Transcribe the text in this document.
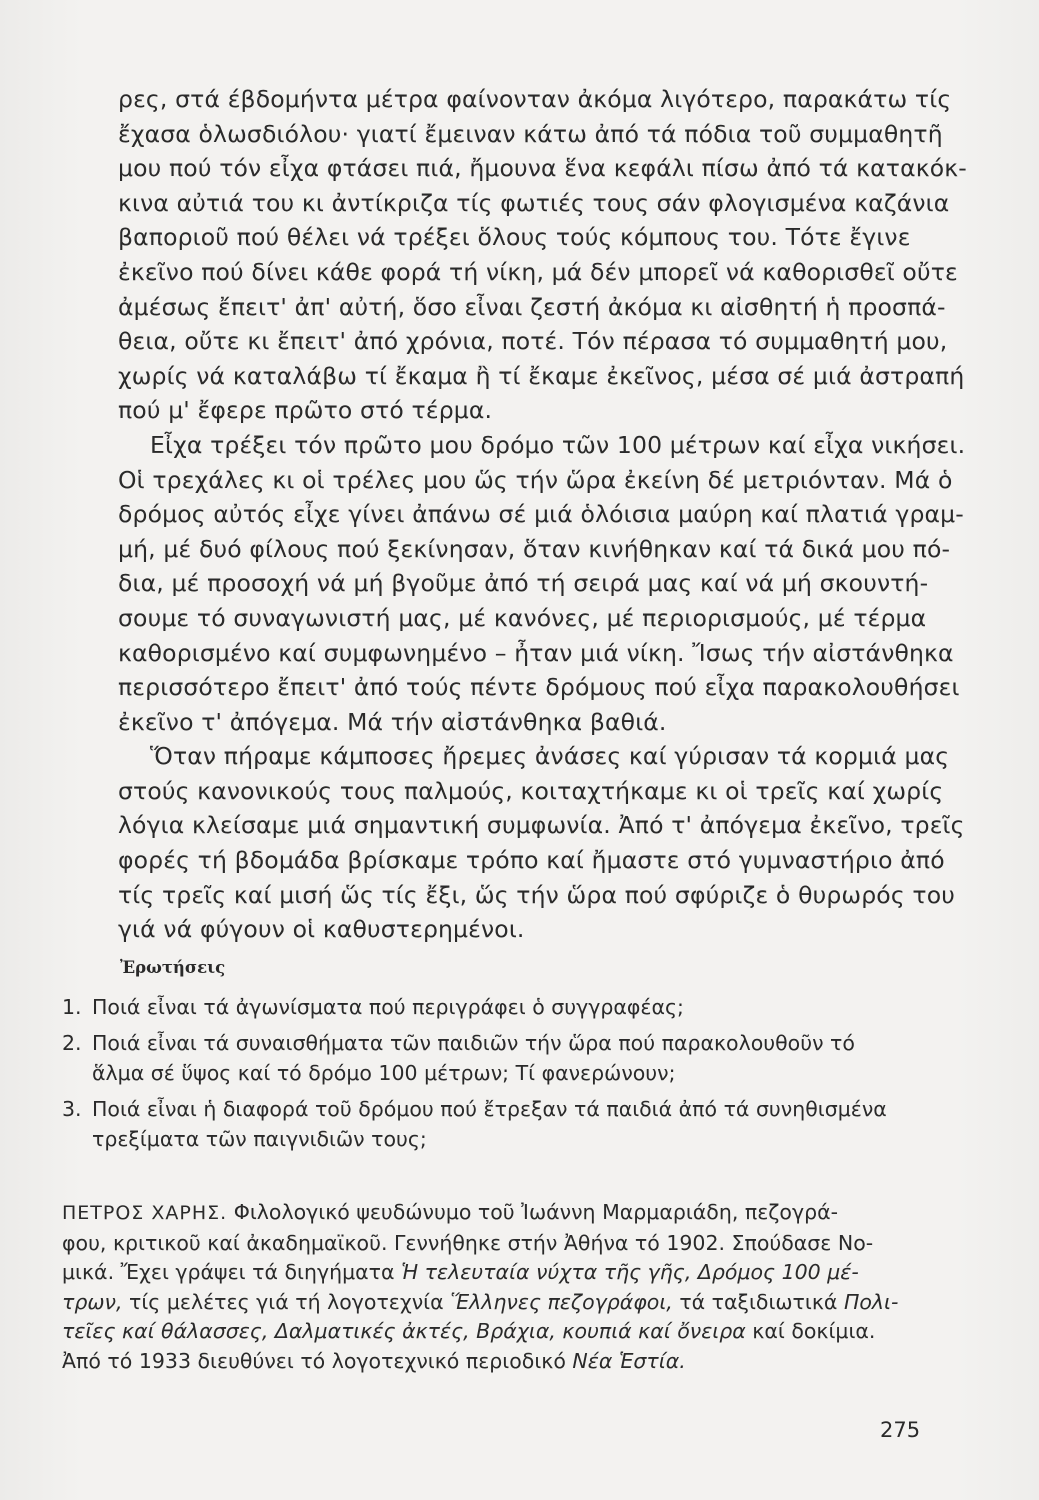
ρες, στά έβδομήντα μέτρα φαίνονταν ἀκόμα λιγότερο, παρακάτω τίς
ἔχασα ὁλωσδιόλου· γιατί ἔμειναν κάτω ἀπό τά πόδια τοῦ συμμαθητῆ
μου πού τόν εἶχα φτάσει πιά, ἤμουνα ἕνα κεφάλι πίσω ἀπό τά κατακόκ-
κινα αὐτιά του κι ἀντίκριζα τίς φωτιές τους σάν φλογισμένα καζάνια
βαποριοῦ πού θέλει νά τρέξει ὅλους τούς κόμπους του. Τότε ἔγινε
ἐκεῖνο πού δίνει κάθε φορά τή νίκη, μά δέν μπορεῖ νά καθορισθεῖ οὔτε
ἀμέσως ἔπειτ' ἀπ' αὐτή, ὅσο εἶναι ζεστή ἀκόμα κι αἰσθητή ἡ προσπά-
θεια, οὔτε κι ἔπειτ' ἀπό χρόνια, ποτέ. Τόν πέρασα τό συμμαθητή μου,
χωρίς νά καταλάβω τί ἔκαμα ἢ τί ἔκαμε ἐκεῖνος, μέσα σέ μιά ἀστραπή
πού μ' ἔφερε πρῶτο στό τέρμα.
Εἶχα τρέξει τόν πρῶτο μου δρόμο τῶν 100 μέτρων καί εἶχα νικήσει.
Οἱ τρεχάλες κι οἱ τρέλες μου ὥς τήν ὥρα ἐκείνη δέ μετριόνταν. Μά ὁ
δρόμος αὐτός εἶχε γίνει ἀπάνω σέ μιά ὁλόισια μαύρη καί πλατιά γραμ-
μή, μέ δυό φίλους πού ξεκίνησαν, ὅταν κινήθηκαν καί τά δικά μου πό-
δια, μέ προσοχή νά μή βγοῦμε ἀπό τή σειρά μας καί νά μή σκουντή-
σουμε τό συναγωνιστή μας, μέ κανόνες, μέ περιορισμούς, μέ τέρμα
καθορισμένο καί συμφωνημένο – ἦταν μιά νίκη. Ἴσως τήν αἰστάνθηκα
περισσότερο ἔπειτ' ἀπό τούς πέντε δρόμους πού εἶχα παρακολουθήσει
ἐκεῖνο τ' ἀπόγεμα. Μά τήν αἰστάνθηκα βαθιά.
Ὅταν πήραμε κάμποσες ἤρεμες ἀνάσες καί γύρισαν τά κορμιά μας
στούς κανονικούς τους παλμούς, κοιταχτήκαμε κι οἱ τρεῖς καί χωρίς
λόγια κλείσαμε μιά σημαντική συμφωνία. Ἀπό τ' ἀπόγεμα ἐκεῖνο, τρεῖς
φορές τή βδομάδα βρίσκαμε τρόπο καί ἤμαστε στό γυμναστήριο ἀπό
τίς τρεῖς καί μισή ὥς τίς ἔξι, ὥς τήν ὥρα πού σφύριζε ὁ θυρωρός του
γιά νά φύγουν οἱ καθυστερημένοι.
Ἐρωτήσεις
1. Ποιά εἶναι τά ἀγωνίσματα πού περιγράφει ὁ συγγραφέας;
2. Ποιά εἶναι τά συναισθήματα τῶν παιδιῶν τήν ὥρα πού παρακολουθοῦν τό
ἅλμα σέ ὕψος καί τό δρόμο 100 μέτρων; Τί φανερώνουν;
3. Ποιά εἶναι ἡ διαφορά τοῦ δρόμου πού ἔτρεξαν τά παιδιά ἀπό τά συνηθισμένα
τρεξίματα τῶν παιγνιδιῶν τους;
ΠΕΤΡΟΣ ΧΑΡΗΣ. Φιλολογικό ψευδώνυμο τοῦ Ἰωάννη Μαρμαριάδη, πεζογρά-
φου, κριτικοῦ καί ἀκαδημαϊκοῦ. Γεννήθηκε στήν Ἀθήνα τό 1902. Σπούδασε Νο-
μικά. Ἔχει γράψει τά διηγήματα Ἡ τελευταία νύχτα τῆς γῆς, Δρόμος 100 μέ-
τρων, τίς μελέτες γιά τή λογοτεχνία Ἕλληνες πεζογράφοι, τά ταξιδιωτικά Πολι-
τεῖες καί θάλασσες, Δαλματικές ἀκτές, Βράχια, κουπιά καί ὄνειρα καί δοκίμια.
Ἀπό τό 1933 διευθύνει τό λογοτεχνικό περιοδικό Νέα Ἑστία.
275
